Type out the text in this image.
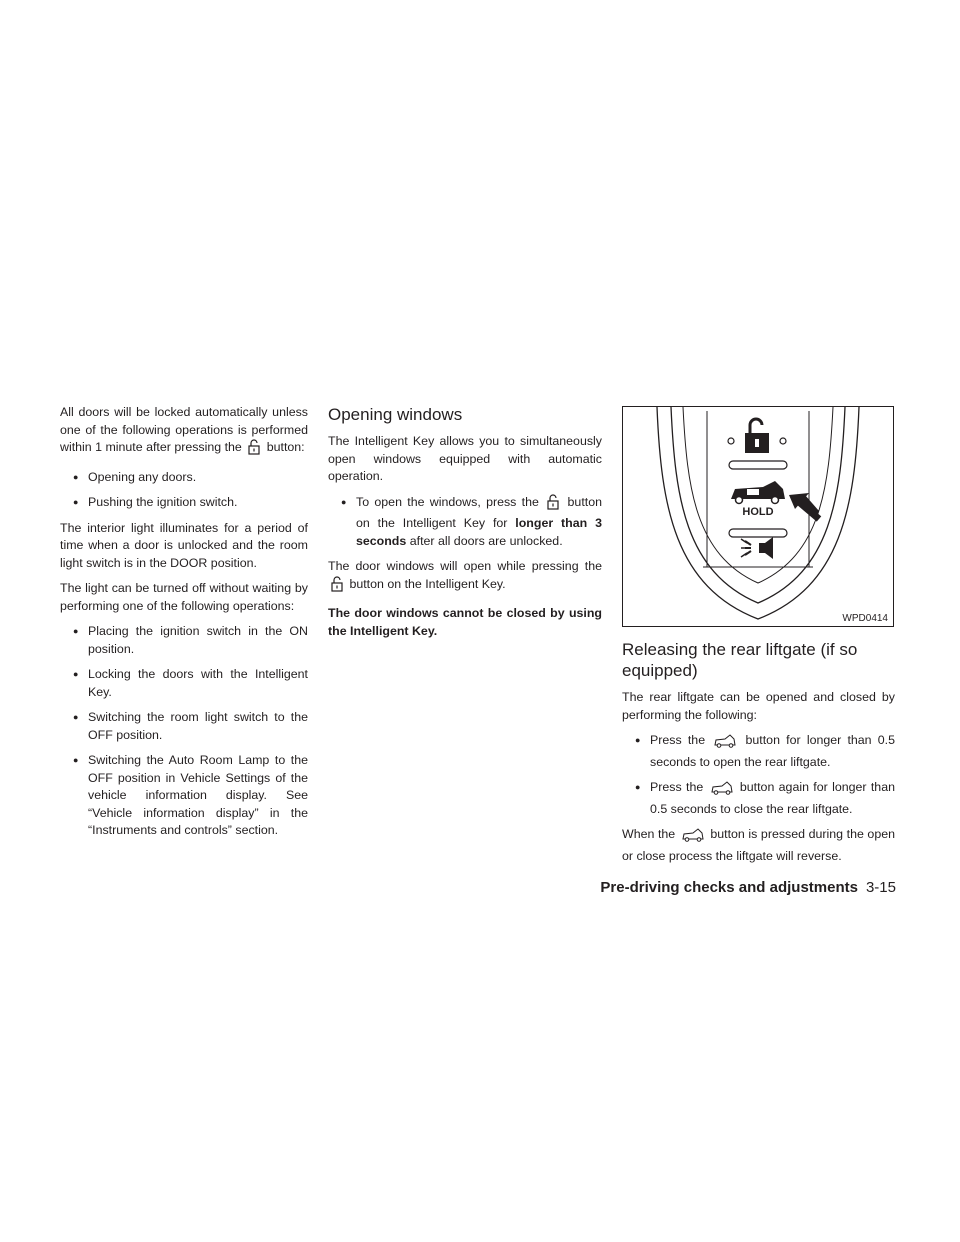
All doors will be locked automatically unless one of the following operations is performed within 1 minute after pressing the button:

● Opening any doors.
● Pushing the ignition switch.

The interior light illuminates for a period of time when a door is unlocked and the room light switch is in the DOOR position.

The light can be turned off without waiting by performing one of the following operations:

● Placing the ignition switch in the ON position.
● Locking the doors with the Intelligent Key.
● Switching the room light switch to the OFF position.
● Switching the Auto Room Lamp to the OFF position in Vehicle Settings of the vehicle information display. See “Vehicle information display” in the “Instruments and controls” section.
Opening windows

The Intelligent Key allows you to simultaneously open windows equipped with automatic operation.

● To open the windows, press the button on the Intelligent Key for longer than 3 seconds after all doors are unlocked.

The door windows will open while pressing the  button on the Intelligent Key.

The door windows cannot be closed by using the Intelligent Key.

HOLD
WPD0414
Releasing the rear liftgate (if so equipped)

The rear liftgate can be opened and closed by performing the following:

● Press the	button for longer than 0.5 seconds to open the rear liftgate.
● Press the	button again for longer than 0.5 seconds to close the rear liftgate.

When the	button is pressed during the open or close process the liftgate will reverse.

Pre-driving checks and adjustments 3-15
